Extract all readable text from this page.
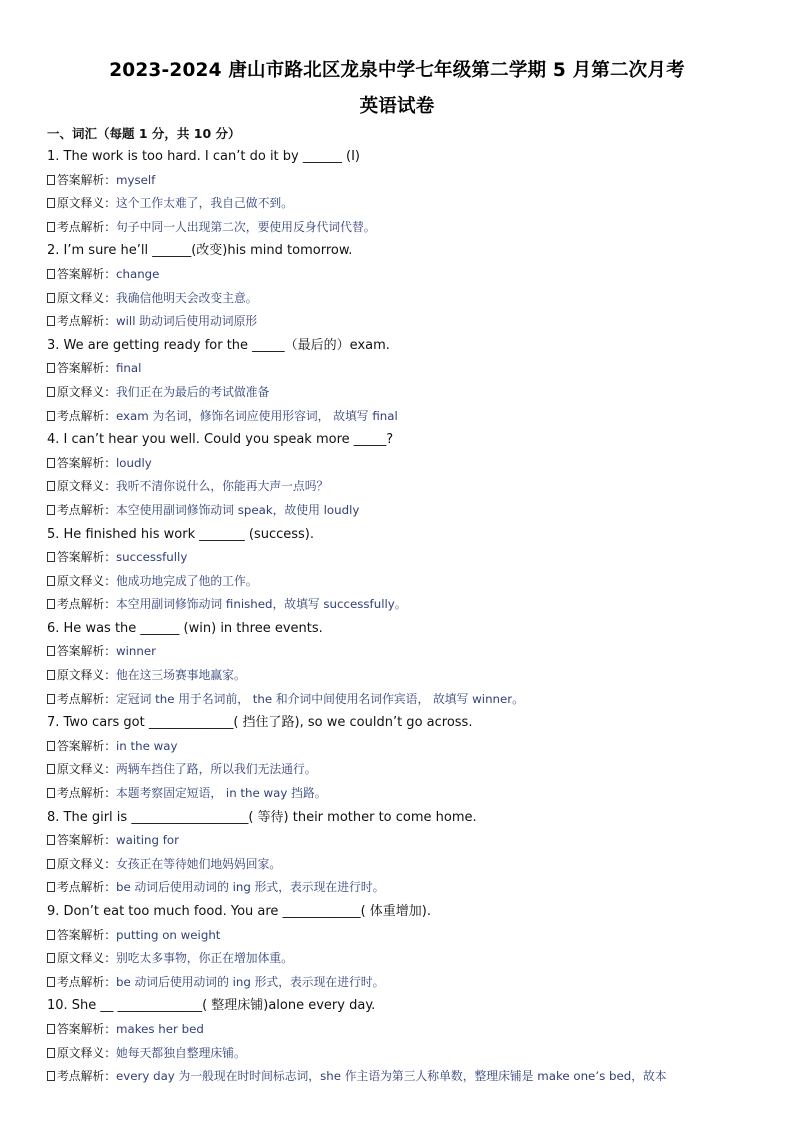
2023-2024 唐山市路北区龙泉中学七年级第二学期 5 月第二次月考
英语试卷
一、词汇（每题 1 分，共 10 分）
1. The work is too hard. I can’t do it by ______ (I)
答案解析：myself
原文释义：这个工作太难了，我自己做不到。
考点解析：句子中同一人出现第二次，要使用反身代词代替。
2. I’m sure he’ll ______(改变)his mind tomorrow.
答案解析：change
原文释义：我确信他明天会改变主意。
考点解析：will 助动词后使用动词原形
3. We are getting ready for the _____（最后的）exam.
答案解析：final
原文释义：我们正在为最后的考试做准备
考点解析：exam 为名词，修饰名词应使用形容词， 故填写 final
4. I can’t hear you well. Could you speak more _____?
答案解析：loudly
原文释义：我听不清你说什么，你能再大声一点吗？
考点解析：本空使用副词修饰动词 speak，故使用 loudly
5. He finished his work _______ (success).
答案解析：successfully
原文释义：他成功地完成了他的工作。
考点解析：本空用副词修饰动词 finished，故填写 successfully。
6. He was the ______ (win) in three events.
答案解析：winner
原文释义：他在这三场赛事地赢家。
考点解析：定冠词 the 用于名词前， the 和介词中间使用名词作宾语， 故填写 winner。
7. Two cars got _____________( 挡住了路), so we couldn’t go across.
答案解析：in the way
原文释义：两辆车挡住了路，所以我们无法通行。
考点解析：本题考察固定短语， in the way 挡路。
8. The girl is __________________( 等待) their mother to come home.
答案解析：waiting for
原文释义：女孩正在等待她们地妈妈回家。
考点解析：be 动词后使用动词的 ing 形式，表示现在进行时。
9. Don’t eat too much food. You are ____________( 体重增加).
答案解析：putting on weight
原文释义：别吃太多事物，你正在增加体重。
考点解析：be 动词后使用动词的 ing 形式，表示现在进行时。
10. She __ _____________( 整理床铺)alone every day.
答案解析：makes her bed
原文释义：她每天都独自整理床铺。
考点解析：every day 为一般现在时时间标志词，she 作主语为第三人称单数，整理床铺是 make one’s bed，故本
